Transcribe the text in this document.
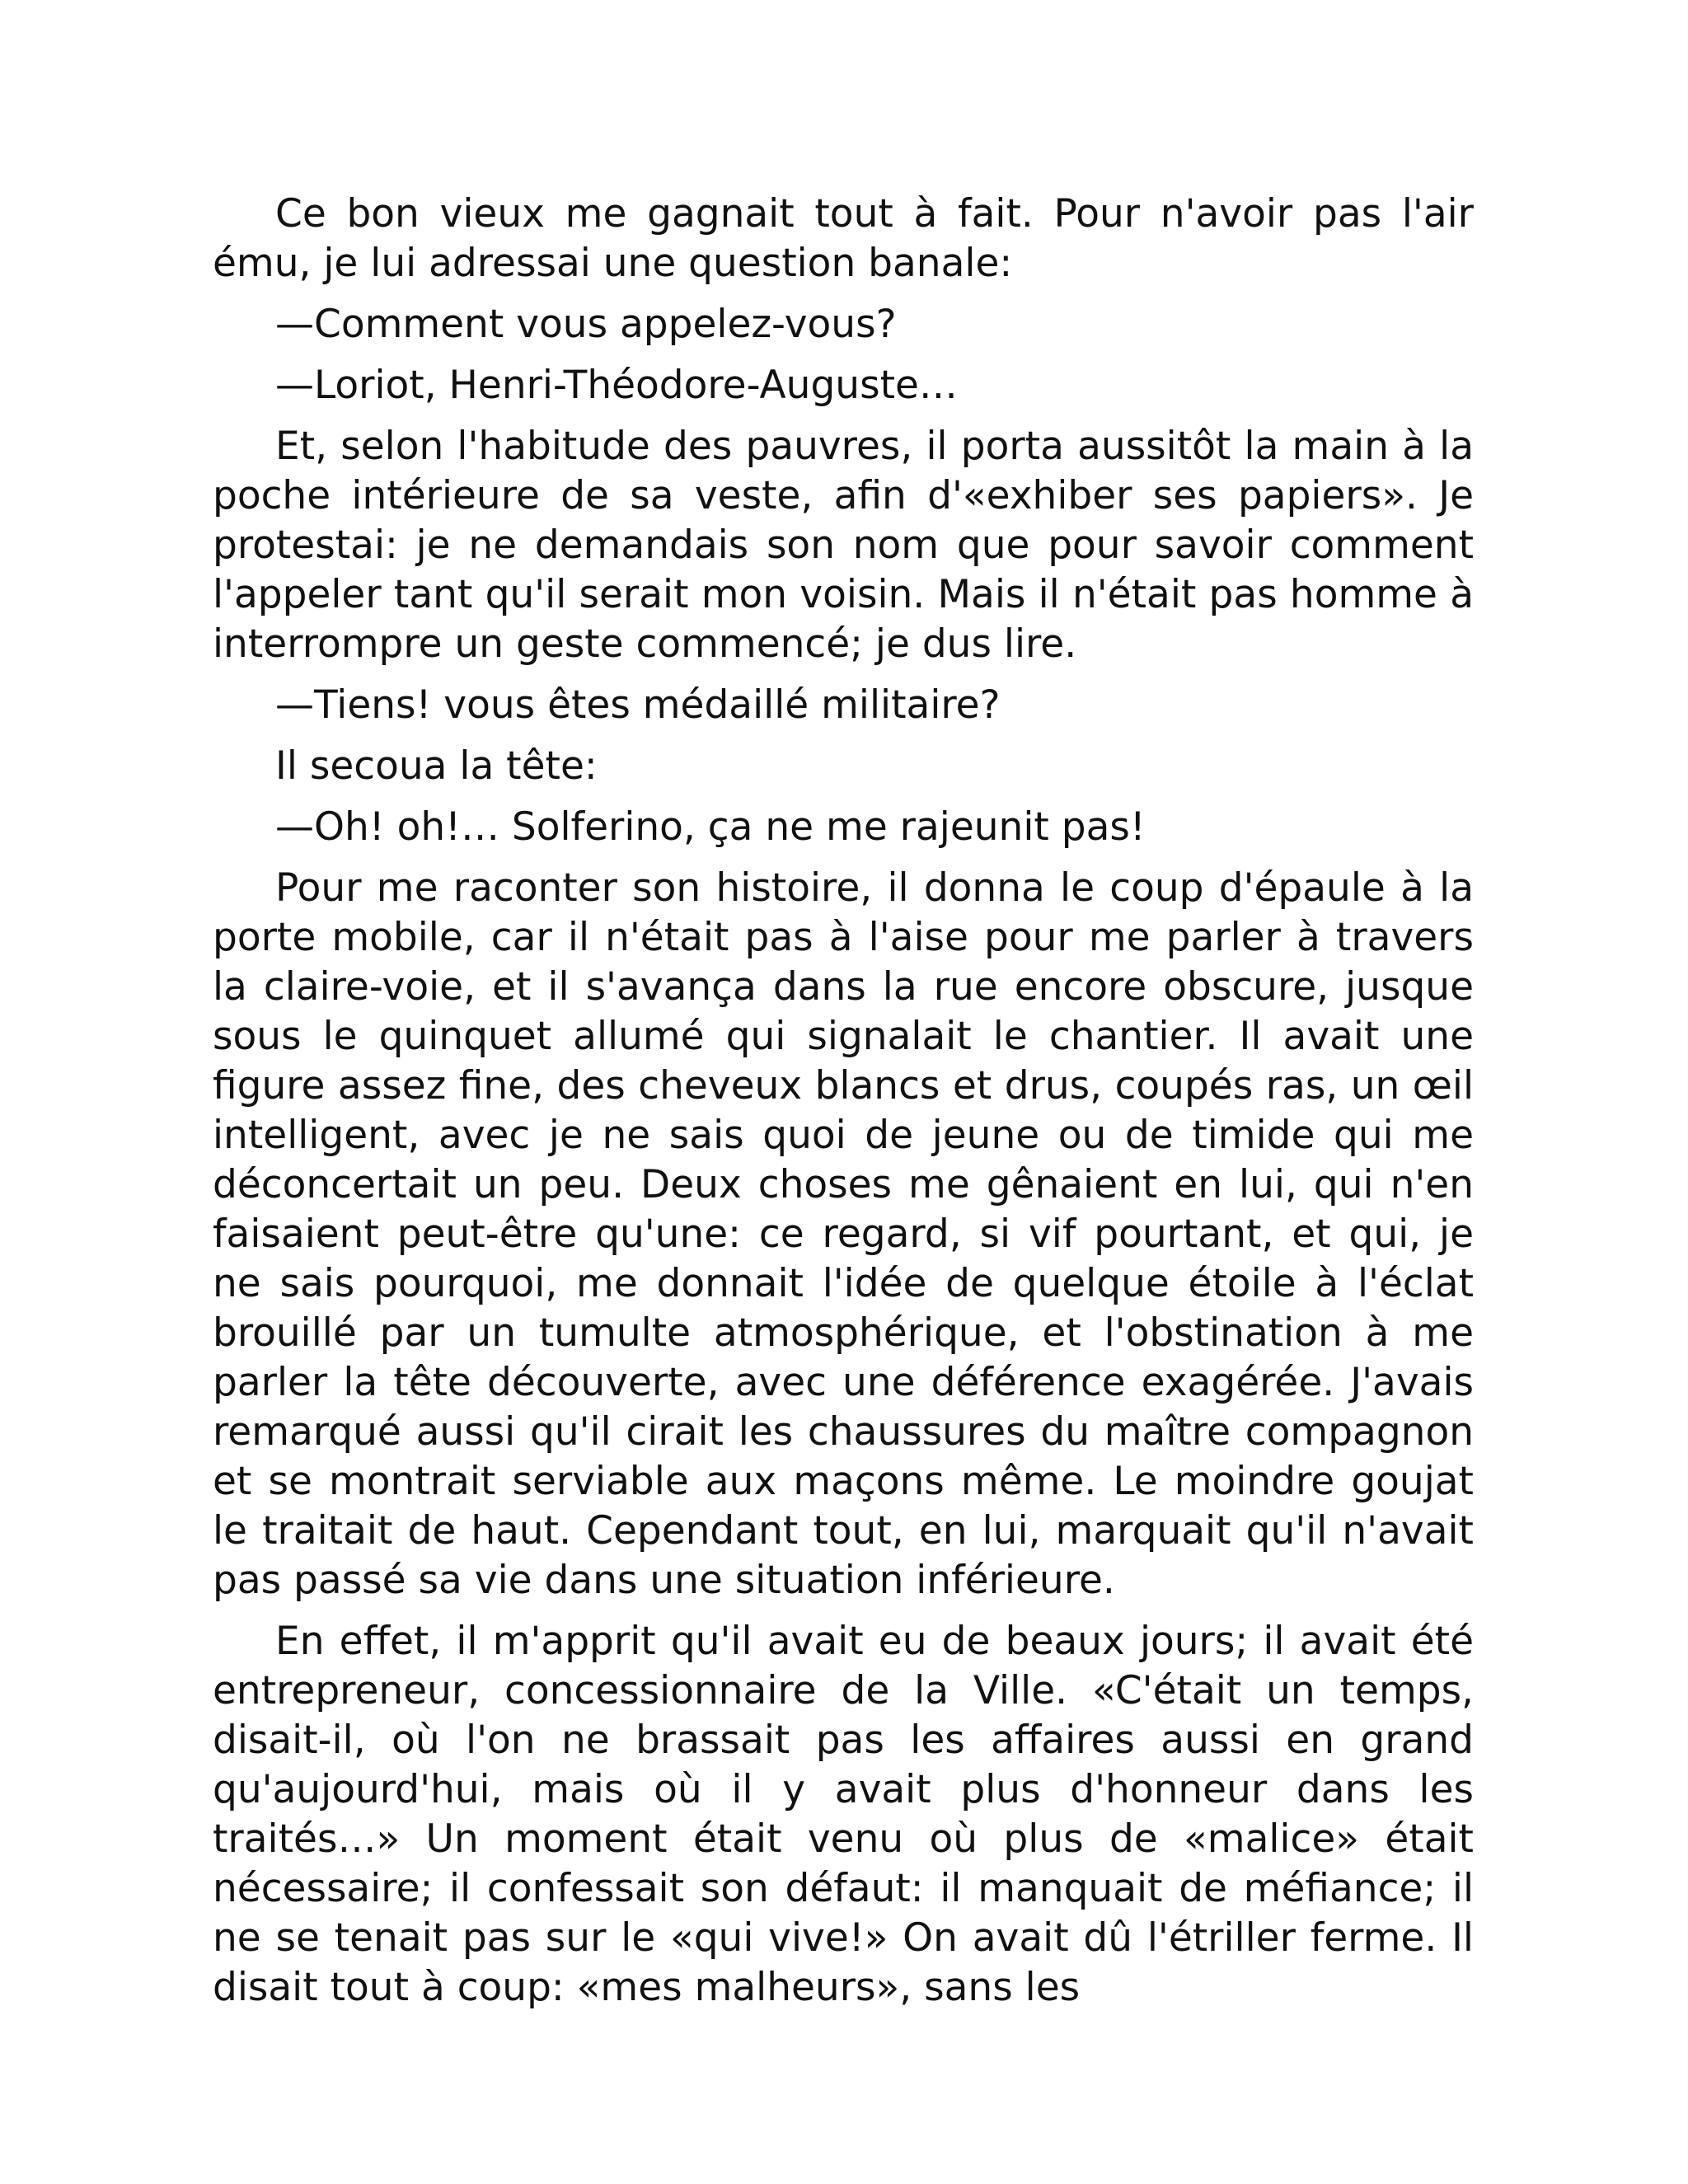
Ce bon vieux me gagnait tout à fait. Pour n'avoir pas l'air ému, je lui adressai une question banale:

—Comment vous appelez-vous?

—Loriot, Henri-Théodore-Auguste…

Et, selon l'habitude des pauvres, il porta aussitôt la main à la poche intérieure de sa veste, afin d'«exhiber ses papiers». Je protestai: je ne demandais son nom que pour savoir comment l'appeler tant qu'il serait mon voisin. Mais il n'était pas homme à interrompre un geste commencé; je dus lire.

—Tiens! vous êtes médaillé militaire?

Il secoua la tête:

—Oh! oh!… Solferino, ça ne me rajeunit pas!

Pour me raconter son histoire, il donna le coup d'épaule à la porte mobile, car il n'était pas à l'aise pour me parler à travers la claire-voie, et il s'avança dans la rue encore obscure, jusque sous le quinquet allumé qui signalait le chantier. Il avait une figure assez fine, des cheveux blancs et drus, coupés ras, un œil intelligent, avec je ne sais quoi de jeune ou de timide qui me déconcertait un peu. Deux choses me gênaient en lui, qui n'en faisaient peut-être qu'une: ce regard, si vif pourtant, et qui, je ne sais pourquoi, me donnait l'idée de quelque étoile à l'éclat brouillé par un tumulte atmosphérique, et l'obstination à me parler la tête découverte, avec une déférence exagérée. J'avais remarqué aussi qu'il cirait les chaussures du maître compagnon et se montrait serviable aux maçons même. Le moindre goujat le traitait de haut. Cependant tout, en lui, marquait qu'il n'avait pas passé sa vie dans une situation inférieure.

En effet, il m'apprit qu'il avait eu de beaux jours; il avait été entrepreneur, concessionnaire de la Ville. «C'était un temps, disait-il, où l'on ne brassait pas les affaires aussi en grand qu'aujourd'hui, mais où il y avait plus d'honneur dans les traités…» Un moment était venu où plus de «malice» était nécessaire; il confessait son défaut: il manquait de méfiance; il ne se tenait pas sur le «qui vive!» On avait dû l'étriller ferme. Il disait tout à coup: «mes malheurs», sans les
